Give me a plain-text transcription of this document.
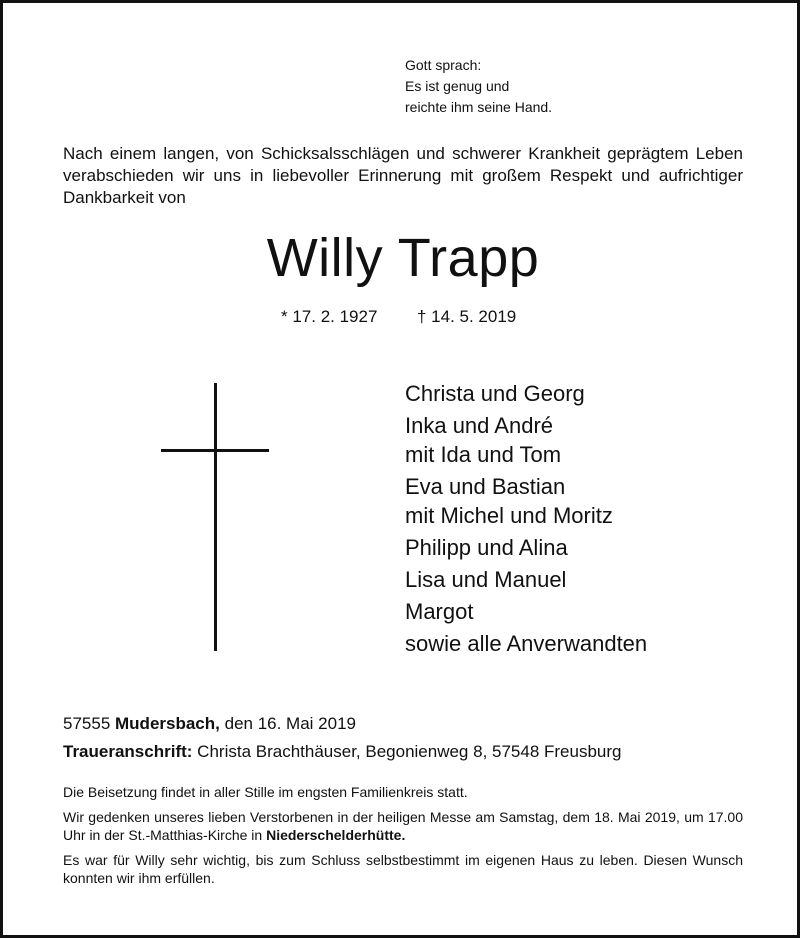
Gott sprach:
Es ist genug und
reichte ihm seine Hand.
Nach einem langen, von Schicksalsschlägen und schwerer Krankheit geprägtem Leben verabschieden wir uns in liebevoller Erinnerung mit großem Respekt und aufrichtiger Dankbarkeit von
Willy Trapp
* 17. 2. 1927 † 14. 5. 2019
Christa und Georg
Inka und André
mit Ida und Tom
Eva und Bastian
mit Michel und Moritz
Philipp und Alina
Lisa und Manuel
Margot
sowie alle Anverwandten
57555 Mudersbach, den 16. Mai 2019
Traueranschrift: Christa Brachthäuser, Begonienweg 8, 57548 Freusburg

Die Beisetzung findet in aller Stille im engsten Familienkreis statt.

Wir gedenken unseres lieben Verstorbenen in der heiligen Messe am Samstag, dem 18. Mai 2019, um 17.00 Uhr in der St.-Matthias-Kirche in Niederschelderhütte.

Es war für Willy sehr wichtig, bis zum Schluss selbstbestimmt im eigenen Haus zu leben. Diesen Wunsch konnten wir ihm erfüllen.
